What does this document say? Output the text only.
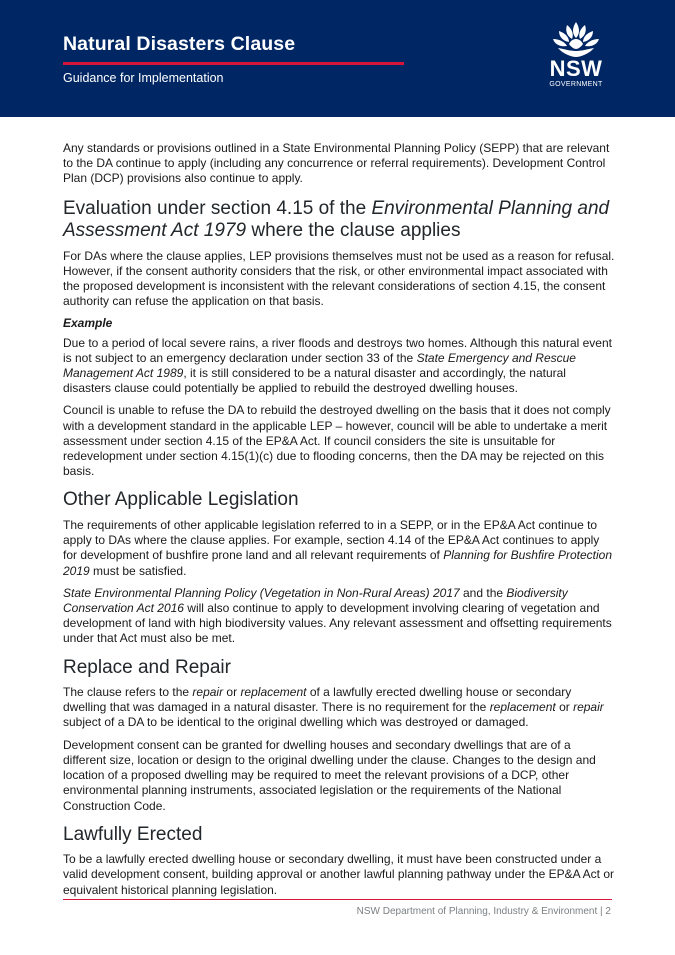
Natural Disasters Clause
Guidance for Implementation	NSW
GOVERNMENT

Any standards or provisions outlined in a State Environmental Planning Policy (SEPP) that are relevant to the DA continue to apply (including any concurrence or referral requirements). Development Control Plan (DCP) provisions also continue to apply.

Evaluation under section 4.15 of the Environmental Planning and Assessment Act 1979 where the clause applies

For DAs where the clause applies, LEP provisions themselves must not be used as a reason for refusal. However, if the consent authority considers that the risk, or other environmental impact associated with the proposed development is inconsistent with the relevant considerations of section 4.15, the consent authority can refuse the application on that basis.

Example

Due to a period of local severe rains, a river floods and destroys two homes. Although this natural event is not subject to an emergency declaration under section 33 of the State Emergency and Rescue Management Act 1989, it is still considered to be a natural disaster and accordingly, the natural disasters clause could potentially be applied to rebuild the destroyed dwelling houses.

Council is unable to refuse the DA to rebuild the destroyed dwelling on the basis that it does not comply with a development standard in the applicable LEP – however, council will be able to undertake a merit assessment under section 4.15 of the EP&A Act. If council considers the site is unsuitable for redevelopment under section 4.15(1)(c) due to flooding concerns, then the DA may be rejected on this basis.

Other Applicable Legislation

The requirements of other applicable legislation referred to in a SEPP, or in the EP&A Act continue to apply to DAs where the clause applies. For example, section 4.14 of the EP&A Act continues to apply for development of bushfire prone land and all relevant requirements of Planning for Bushfire Protection 2019 must be satisfied.

State Environmental Planning Policy (Vegetation in Non-Rural Areas) 2017 and the Biodiversity Conservation Act 2016 will also continue to apply to development involving clearing of vegetation and development of land with high biodiversity values. Any relevant assessment and offsetting requirements under that Act must also be met.

Replace and Repair

The clause refers to the repair or replacement of a lawfully erected dwelling house or secondary dwelling that was damaged in a natural disaster. There is no requirement for the replacement or repair subject of a DA to be identical to the original dwelling which was destroyed or damaged.

Development consent can be granted for dwelling houses and secondary dwellings that are of a different size, location or design to the original dwelling under the clause. Changes to the design and location of a proposed dwelling may be required to meet the relevant provisions of a DCP, other environmental planning instruments, associated legislation or the requirements of the National Construction Code.

Lawfully Erected

To be a lawfully erected dwelling house or secondary dwelling, it must have been constructed under a valid development consent, building approval or another lawful planning pathway under the EP&A Act or equivalent historical planning legislation.

NSW Department of Planning, Industry & Environment | 2
